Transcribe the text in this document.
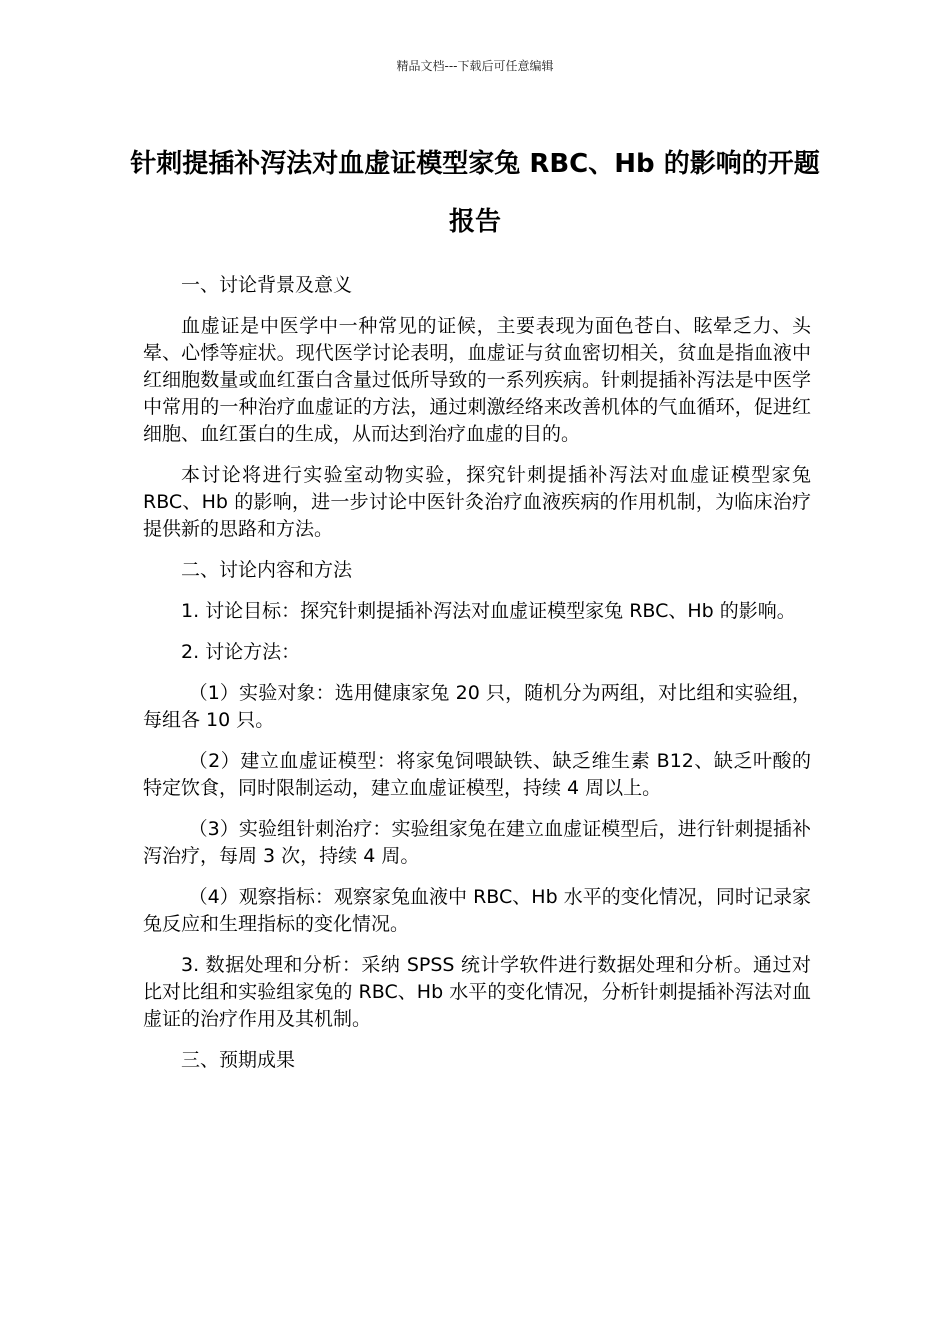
精品文档---下载后可任意编辑
针刺提插补泻法对血虚证模型家兔 RBC、Hb 的影响的开题报告

一、讨论背景及意义

血虚证是中医学中一种常见的证候，主要表现为面色苍白、眩晕乏力、头晕、心悸等症状。现代医学讨论表明，血虚证与贫血密切相关，贫血是指血液中红细胞数量或血红蛋白含量过低所导致的一系列疾病。针刺提插补泻法是中医学中常用的一种治疗血虚证的方法，通过刺激经络来改善机体的气血循环，促进红细胞、血红蛋白的生成，从而达到治疗血虚的目的。

本讨论将进行实验室动物实验，探究针刺提插补泻法对血虚证模型家兔 RBC、Hb 的影响，进一步讨论中医针灸治疗血液疾病的作用机制，为临床治疗提供新的思路和方法。

二、讨论内容和方法

1. 讨论目标：探究针刺提插补泻法对血虚证模型家兔 RBC、Hb 的影响。

2. 讨论方法：

（1）实验对象：选用健康家兔 20 只，随机分为两组，对比组和实验组，每组各 10 只。

（2）建立血虚证模型：将家兔饲喂缺铁、缺乏维生素 B12、缺乏叶酸的特定饮食，同时限制运动，建立血虚证模型，持续 4 周以上。

（3）实验组针刺治疗：实验组家兔在建立血虚证模型后，进行针刺提插补泻治疗，每周 3 次，持续 4 周。

（4）观察指标：观察家兔血液中 RBC、Hb 水平的变化情况，同时记录家兔反应和生理指标的变化情况。

3. 数据处理和分析：采纳 SPSS 统计学软件进行数据处理和分析。通过对比对比组和实验组家兔的 RBC、Hb 水平的变化情况，分析针刺提插补泻法对血虚证的治疗作用及其机制。

三、预期成果
